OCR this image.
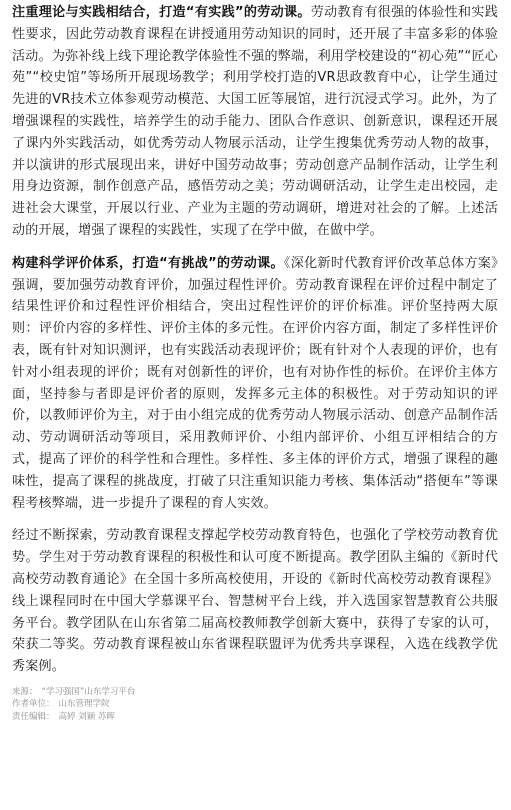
注重理论与实践相结合，打造“有实践”的劳动课。劳动教育有很强的体验性和实践性要求，因此劳动教育课程在讲授通用劳动知识的同时，还开展了丰富多彩的体验活动。为弥补线上线下理论教学体验性不强的弊端，利用学校建设的“初心苑”“匠心苑”“校史馆”等场所开展现场教学；利用学校打造的VR思政教育中心，让学生通过先进的VR技术立体参观劳动模范、大国工匠等展馆，进行沉浸式学习。此外，为了增强课程的实践性，培养学生的动手能力、团队合作意识、创新意识，课程还开展了课内外实践活动，如优秀劳动人物展示活动，让学生搜集优秀劳动人物的故事，并以演讲的形式展现出来，讲好中国劳动故事；劳动创意产品制作活动，让学生利用身边资源，制作创意产品，感悟劳动之美；劳动调研活动，让学生走出校园，走进社会大课堂，开展以行业、产业为主题的劳动调研，增进对社会的了解。上述活动的开展，增强了课程的实践性，实现了在学中做，在做中学。

构建科学评价体系，打造“有挑战”的劳动课。《深化新时代教育评价改革总体方案》强调，要加强劳动教育评价，加强过程性评价。劳动教育课程在评价过程中制定了结果性评价和过程性评价相结合，突出过程性评价的评价标准。评价坚持两大原则：评价内容的多样性、评价主体的多元性。在评价内容方面，制定了多样性评价表，既有针对知识测评，也有实践活动表现评价；既有针对个人表现的评价，也有针对小组表现的评价；既有对创新性的评价，也有对协作性的标价。在评价主体方面，坚持参与者即是评价者的原则，发挥多元主体的积极性。对于劳动知识的评价，以教师评价为主，对于由小组完成的优秀劳动人物展示活动、创意产品制作活动、劳动调研活动等项目，采用教师评价、小组内部评价、小组互评相结合的方式，提高了评价的科学性和合理性。多样性、多主体的评价方式，增强了课程的趣味性，提高了课程的挑战度，打破了只注重知识能力考核、集体活动“搭便车”等课程考核弊端，进一步提升了课程的育人实效。

经过不断探索，劳动教育课程支撑起学校劳动教育特色，也强化了学校劳动教育优势。学生对于劳动教育课程的积极性和认可度不断提高。教学团队主编的《新时代高校劳动教育通论》在全国十多所高校使用，开设的《新时代高校劳动教育课程》线上课程同时在中国大学慕课平台、智慧树平台上线，并入选国家智慧教育公共服务平台。教学团队在山东省第二届高校教师教学创新大赛中，获得了专家的认可，荣获二等奖。劳动教育课程被山东省课程联盟评为优秀共享课程，入选在线教学优秀案例。

来源： “学习强国”山东学习平台
作者单位： 山东管理学院
责任编辑： 高婷 刘颖 苏晖
